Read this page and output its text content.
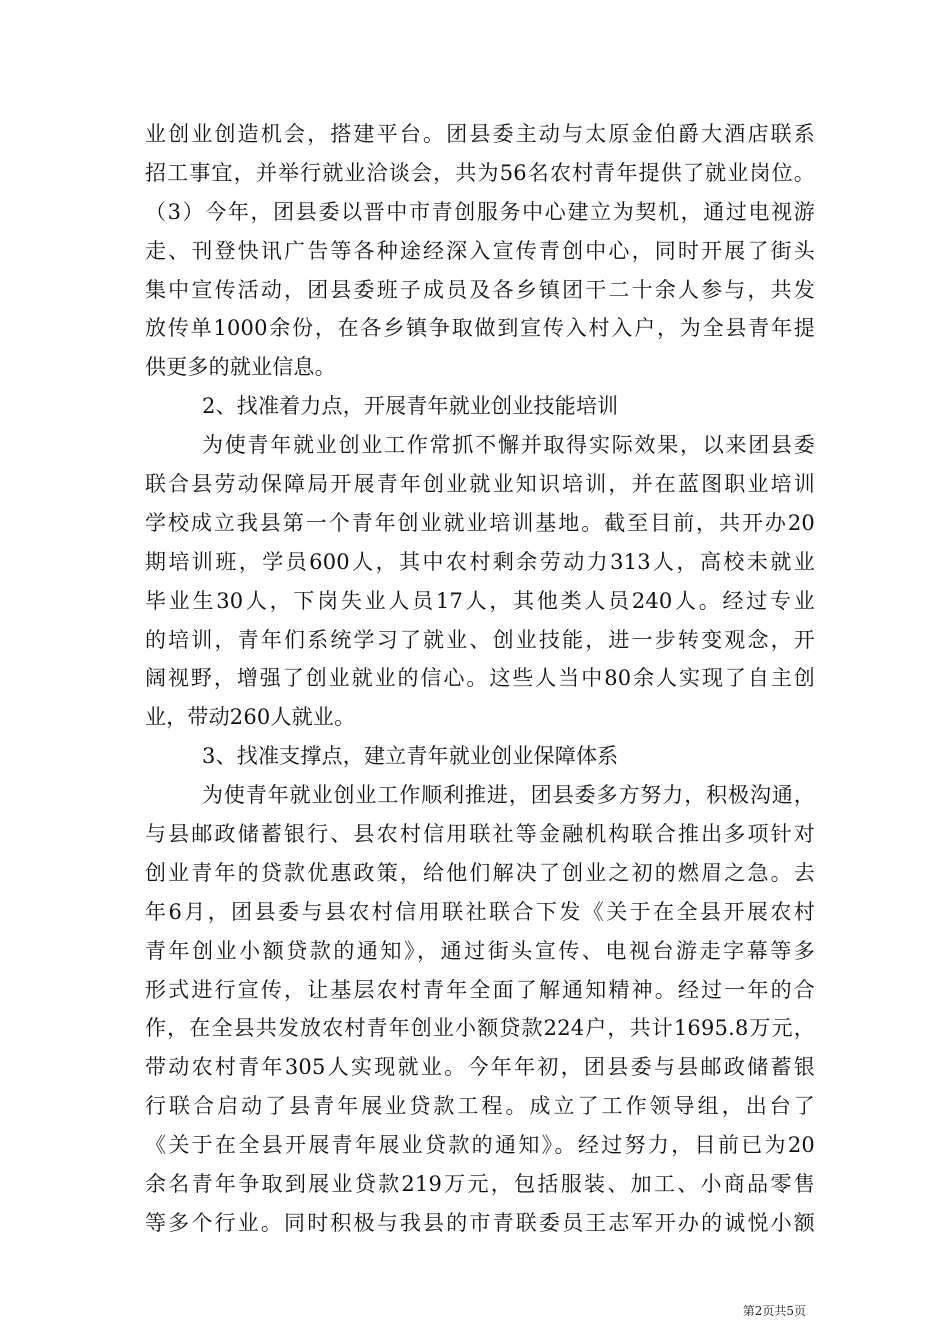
业创业创造机会，搭建平台。团县委主动与太原金伯爵大酒店联系
招工事宜，并举行就业洽谈会，共为56名农村青年提供了就业岗位。
（3）今年，团县委以晋中市青创服务中心建立为契机，通过电视游
走、刊登快讯广告等各种途经深入宣传青创中心，同时开展了街头
集中宣传活动，团县委班子成员及各乡镇团干二十余人参与，共发
放传单1000余份，在各乡镇争取做到宣传入村入户，为全县青年提
供更多的就业信息。
2、找准着力点，开展青年就业创业技能培训
为使青年就业创业工作常抓不懈并取得实际效果，以来团县委
联合县劳动保障局开展青年创业就业知识培训，并在蓝图职业培训
学校成立我县第一个青年创业就业培训基地。截至目前，共开办20
期培训班，学员600人，其中农村剩余劳动力313人，高校未就业
毕业生30人，下岗失业人员17人，其他类人员240人。经过专业
的培训，青年们系统学习了就业、创业技能，进一步转变观念，开
阔视野，增强了创业就业的信心。这些人当中80余人实现了自主创
业，带动260人就业。
3、找准支撑点，建立青年就业创业保障体系
为使青年就业创业工作顺利推进，团县委多方努力，积极沟通，
与县邮政储蓄银行、县农村信用联社等金融机构联合推出多项针对
创业青年的贷款优惠政策，给他们解决了创业之初的燃眉之急。去
年6月，团县委与县农村信用联社联合下发《关于在全县开展农村
青年创业小额贷款的通知》，通过街头宣传、电视台游走字幕等多
形式进行宣传，让基层农村青年全面了解通知精神。经过一年的合
作，在全县共发放农村青年创业小额贷款224户，共计1695.8万元，
带动农村青年305人实现就业。今年年初，团县委与县邮政储蓄银
行联合启动了县青年展业贷款工程。成立了工作领导组，出台了
《关于在全县开展青年展业贷款的通知》。经过努力，目前已为20
余名青年争取到展业贷款219万元，包括服装、加工、小商品零售
等多个行业。同时积极与我县的市青联委员王志军开办的诚悦小额
第2页共5页
